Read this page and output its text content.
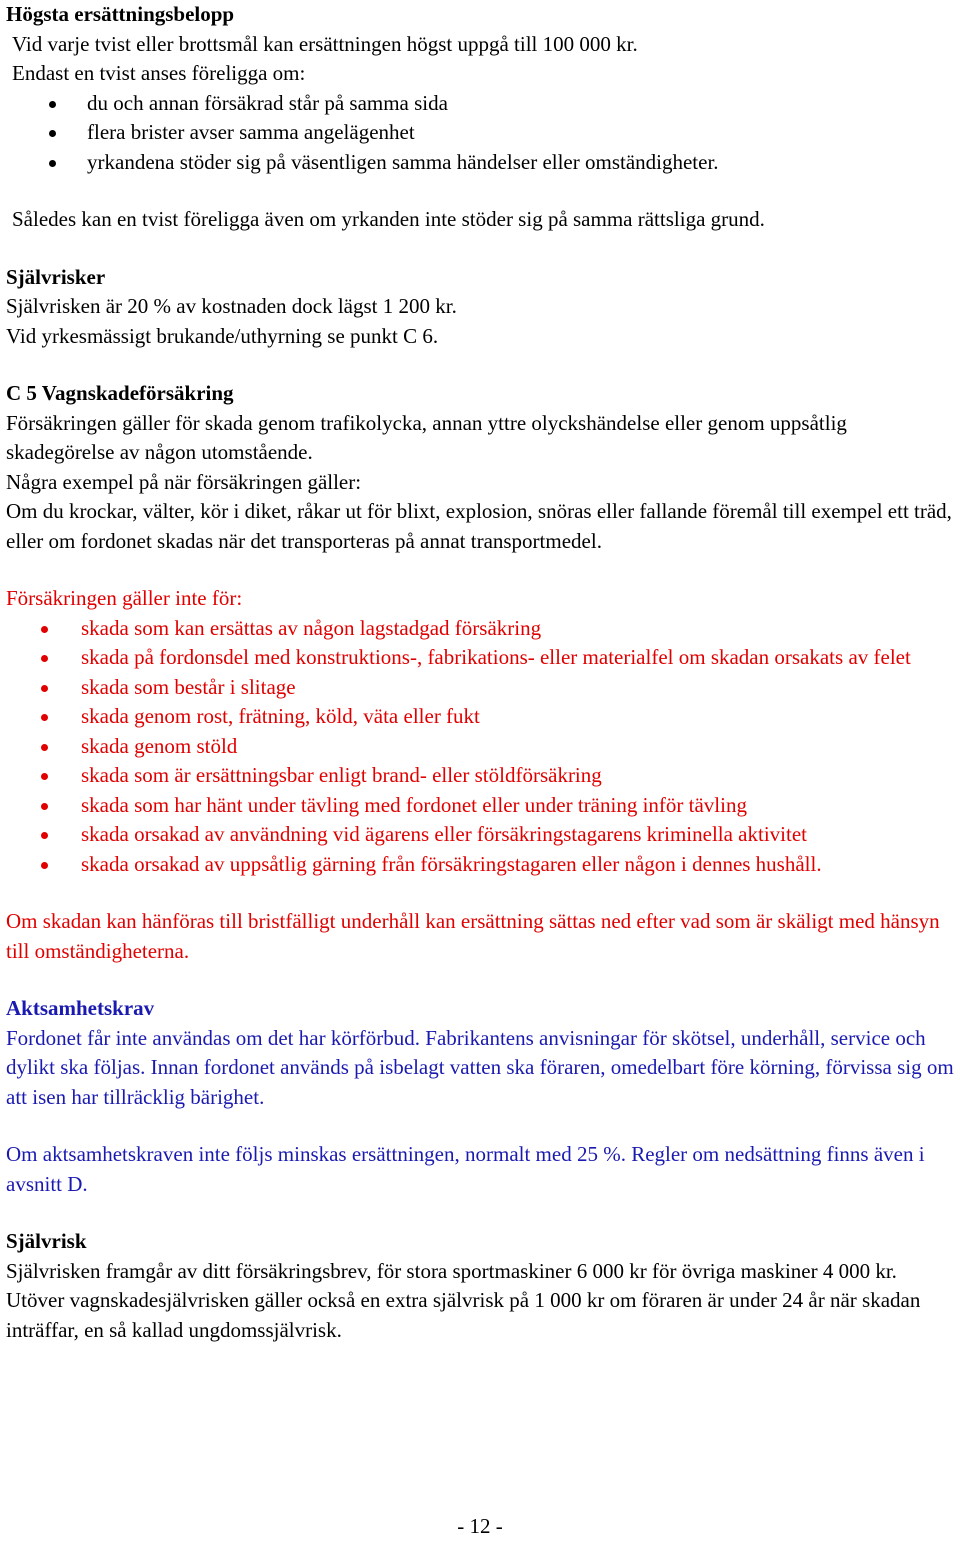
Högsta ersättningsbelopp

Vid varje tvist eller brottsmål kan ersättningen högst uppgå till 100 000 kr.

Endast en tvist anses föreligga om:

du och annan försäkrad står på samma sida
flera brister avser samma angelägenhet
yrkandena stöder sig på väsentligen samma händelser eller omständigheter.

Således kan en tvist föreligga även om yrkanden inte stöder sig på samma rättsliga grund.

Självrisker

Självrisken är 20 % av kostnaden dock lägst 1 200 kr.

Vid yrkesmässigt brukande/uthyrning se punkt C 6.

C 5 Vagnskadeförsäkring

Försäkringen gäller för skada genom trafikolycka, annan yttre olyckshändelse eller genom uppsåtlig skadegörelse av någon utomstående.

Några exempel på när försäkringen gäller:

Om du krockar, välter, kör i diket, råkar ut för blixt, explosion, snöras eller fallande föremål till exempel ett träd, eller om fordonet skadas när det transporteras på annat transportmedel.

Försäkringen gäller inte för:

skada som kan ersättas av någon lagstadgad försäkring
skada på fordonsdel med konstruktions-, fabrikations- eller materialfel om skadan orsakats av felet
skada som består i slitage
skada genom rost, frätning, köld, väta eller fukt
skada genom stöld
skada som är ersättningsbar enligt brand- eller stöldförsäkring
skada som har hänt under tävling med fordonet eller under träning inför tävling
skada orsakad av användning vid ägarens eller försäkringstagarens kriminella aktivitet
skada orsakad av uppsåtlig gärning från försäkringstagaren eller någon i dennes hushåll.

Om skadan kan hänföras till bristfälligt underhåll kan ersättning sättas ned efter vad som är skäligt med hänsyn till omständigheterna.

Aktsamhetskrav

Fordonet får inte användas om det har körförbud. Fabrikantens anvisningar för skötsel, underhåll, service och dylikt ska följas. Innan fordonet används på isbelagt vatten ska föraren, omedelbart före körning, förvissa sig om att isen har tillräcklig bärighet.

Om aktsamhetskraven inte följs minskas ersättningen, normalt med 25 %. Regler om nedsättning finns även i avsnitt D.

Självrisk

Självrisken framgår av ditt försäkringsbrev, för stora sportmaskiner 6 000 kr för övriga maskiner 4 000 kr. Utöver vagnskadesjälvrisken gäller också en extra självrisk på 1 000 kr om föraren är under 24 år när skadan inträffar, en så kallad ungdomssjälvrisk.

- 12 -
